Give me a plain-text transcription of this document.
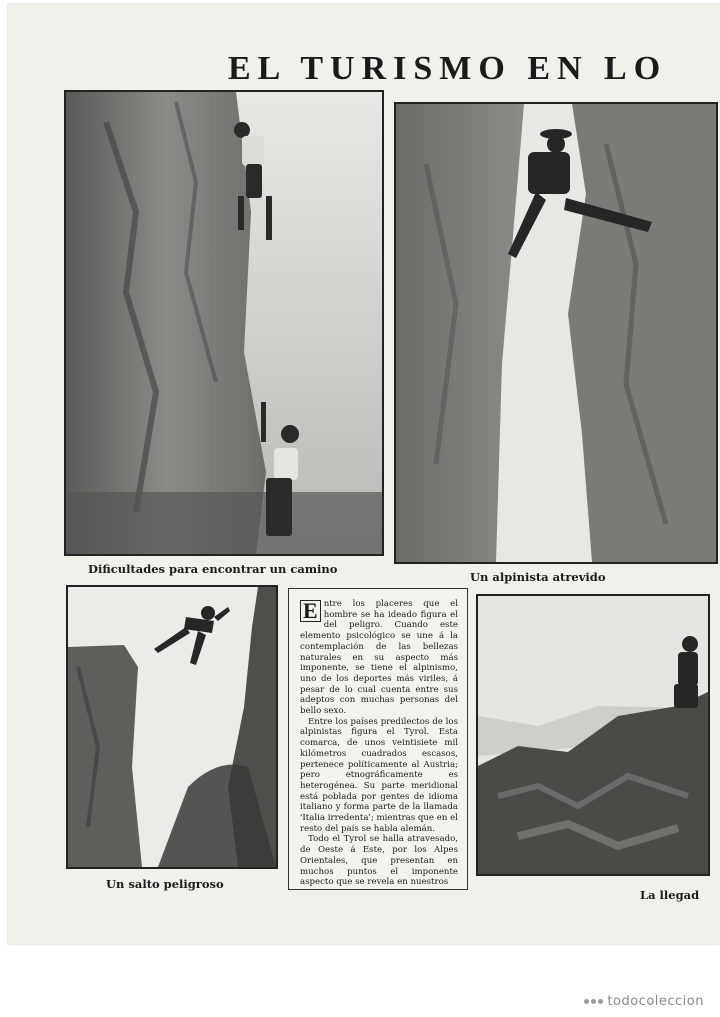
EL TURISMO EN LO
Dificultades para encontrar un camino
Un alpinista atrevido
Un salto peligroso

E ntre los placeres que el hombre se ha ideado figura el del peligro. Cuando este elemento psicológico se une á la contemplación de las bellezas naturales en su aspecto más imponente, se tiene el alpinismo, uno de los deportes más viriles, á pesar de lo cual cuenta entre sus adeptos con muchas personas del bello sexo.

Entre los países predilectos de los alpinistas figura el Tyrol. Esta comarca, de unos veintisiete mil kilómetros cuadrados escasos, pertenece políticamente al Austria; pero etnográficamente es heterogénea. Su parte meridional está poblada por gentes de idioma italiano y forma parte de la llamada 'Italia irredenta'; mientras que en el resto del país se habla alemán.

Todo el Tyrol se halla atravesado, de Oeste á Este, por los Alpes Orientales, que presentan en muchos puntos el imponente aspecto que se revela en nuestros

La llegad
todocoleccion
